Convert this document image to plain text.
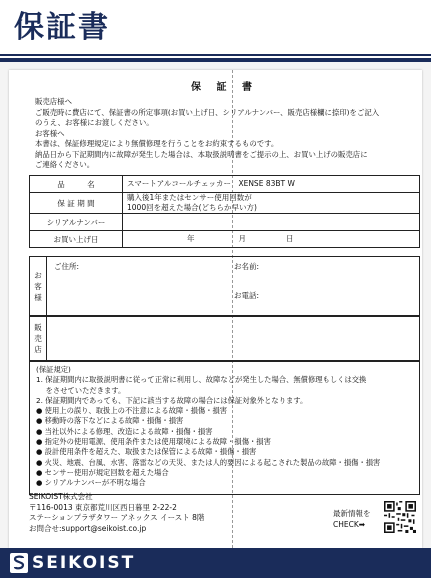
保証書
保 証 書
販売店様へ
ご販売時に費店にて、保証書の所定事項(お買い上げ日、シリアルナンバー、販売店様欄に捺印)をご記入
のうえ、お客様にお渡しください。
お客様へ
本書は、保証修理規定により無償修理を行うことをお約束するものです。
納品日から下記期間内に故障が発生した場合は、本取扱説明書をご提示の上、お買い上げの販売店に
ご連絡ください。
品　　　名	スマートアルコールチェッカー　XENSE 83BT W
保 証 期 間	購入後1年またはセンサー使用回数が
1000回を超えた場合(どちらか早い方)

シリアルナンバー	
お買い上げ日	年 月 日
お客様
ご住所:	お名前:
お電話:
販売店
(保証規定)
1. 保証期間内に取扱説明書に従って正常に利用し、故障などが発生した場合、無償修理もしくは交換
　 をさせていただきます。
2. 保証期間内であっても、下記に該当する故障の場合には保証対象外となります。
● 使用上の誤り、取扱上の不注意による故障・損傷・損害
● 移動時の落下などによる故障・損傷・損害
● 当社以外による修理、改造による故障・損傷・損害
● 指定外の使用電源、使用条件または使用環境による故障・損傷・損害
● 設計使用条件を超えた、取扱または保管による故障・損傷・損害
● 火災、地震、台風、水害、落雷などの天災、または人的要因による起こされた製品の故障・損傷・損害
● センサー使用が規定回数を超えた場合
● シリアルナンバーが不明な場合
SEIKOIST株式会社
〒116-0013 東京都荒川区西日暮里 2-22-2
ステーションプラザタワー アネックス イースト 8階
お問合せ:support@seikoist.co.jp
最新情報を
CHECK➡
SEIKOIST
